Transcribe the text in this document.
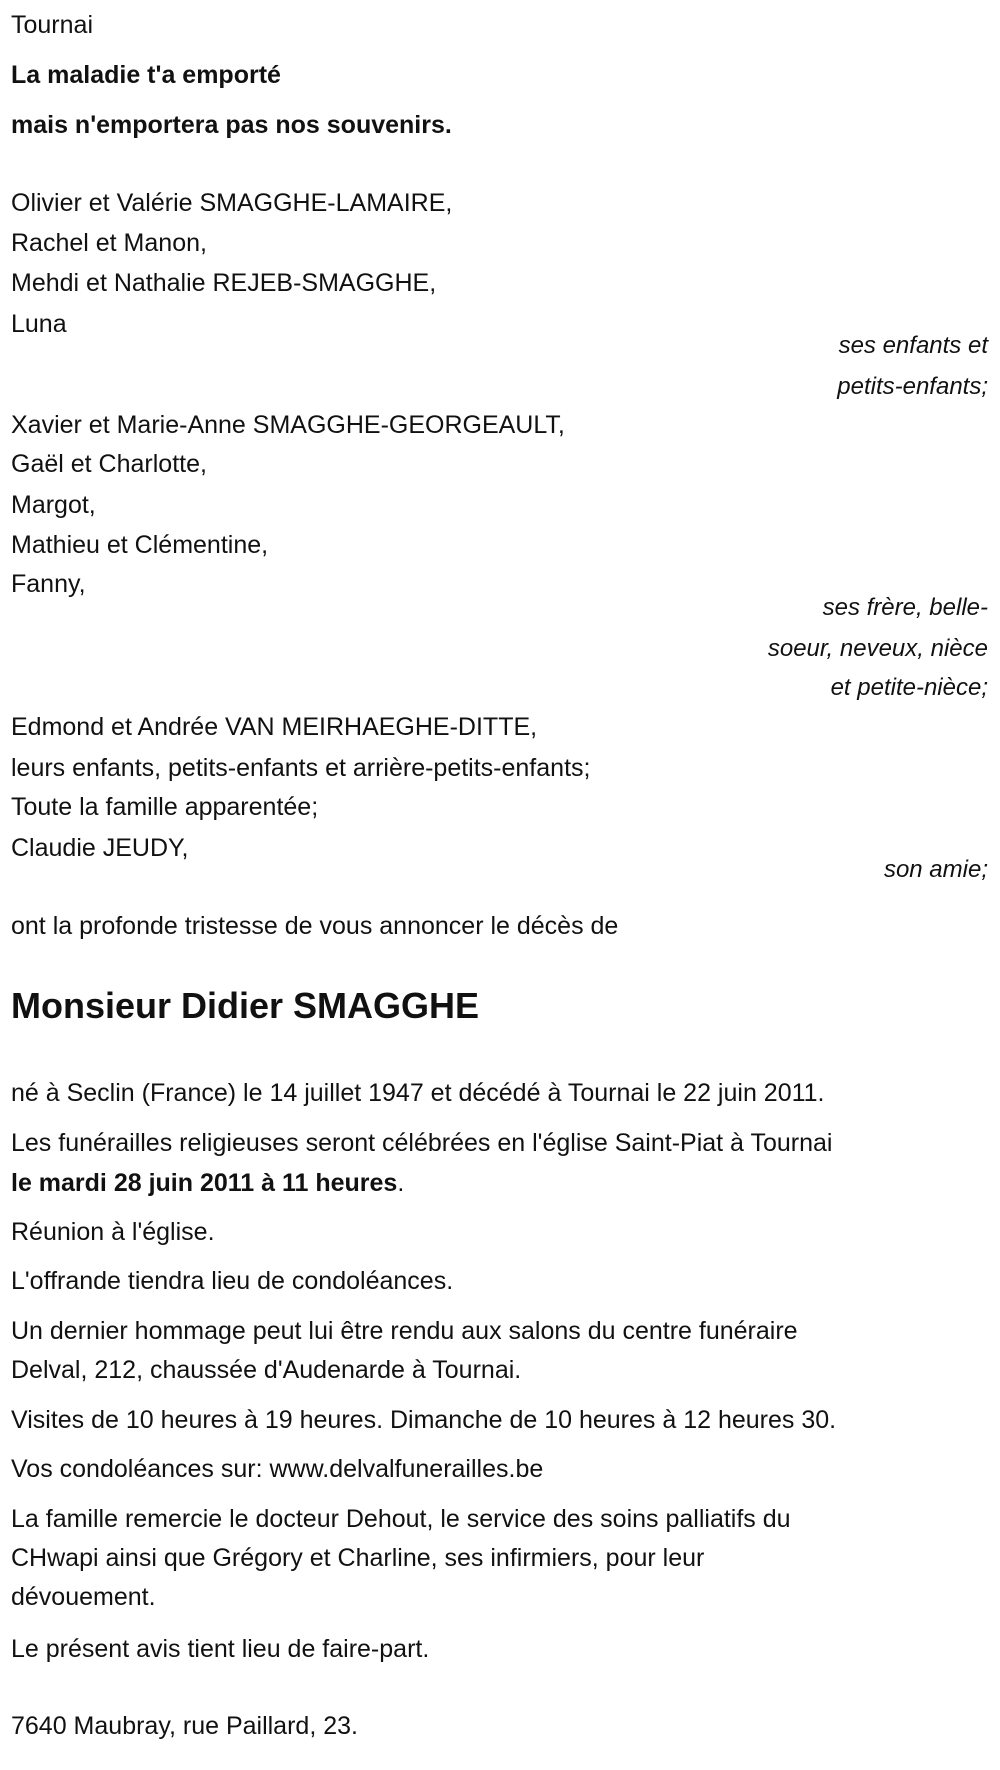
Tournai
La maladie t'a emporté
mais n'emportera pas nos souvenirs.
Olivier et Valérie SMAGGHE-LAMAIRE,
Rachel et Manon,
Mehdi et Nathalie REJEB-SMAGGHE,
Luna
ses enfants et
petits-enfants;
Xavier et Marie-Anne SMAGGHE-GEORGEAULT,
Gaël et Charlotte,
Margot,
Mathieu et Clémentine,
Fanny,
ses frère, belle-
soeur, neveux, nièce
et petite-nièce;
Edmond et Andrée VAN MEIRHAEGHE-DITTE,
leurs enfants, petits-enfants et arrière-petits-enfants;
Toute la famille apparentée;
Claudie JEUDY,
son amie;
ont la profonde tristesse de vous annoncer le décès de
Monsieur Didier SMAGGHE
né à Seclin (France) le 14 juillet 1947 et décédé à Tournai le 22 juin 2011.
Les funérailles religieuses seront célébrées en l'église Saint-Piat à Tournai
le mardi 28 juin 2011 à 11 heures.
Réunion à l'église.
L'offrande tiendra lieu de condoléances.
Un dernier hommage peut lui être rendu aux salons du centre funéraire
Delval, 212, chaussée d'Audenarde à Tournai.
Visites de 10 heures à 19 heures. Dimanche de 10 heures à 12 heures 30.
Vos condoléances sur: www.delvalfunerailles.be
La famille remercie le docteur Dehout, le service des soins palliatifs du
CHwapi ainsi que Grégory et Charline, ses infirmiers, pour leur
dévouement.
Le présent avis tient lieu de faire-part.
7640 Maubray, rue Paillard, 23.
